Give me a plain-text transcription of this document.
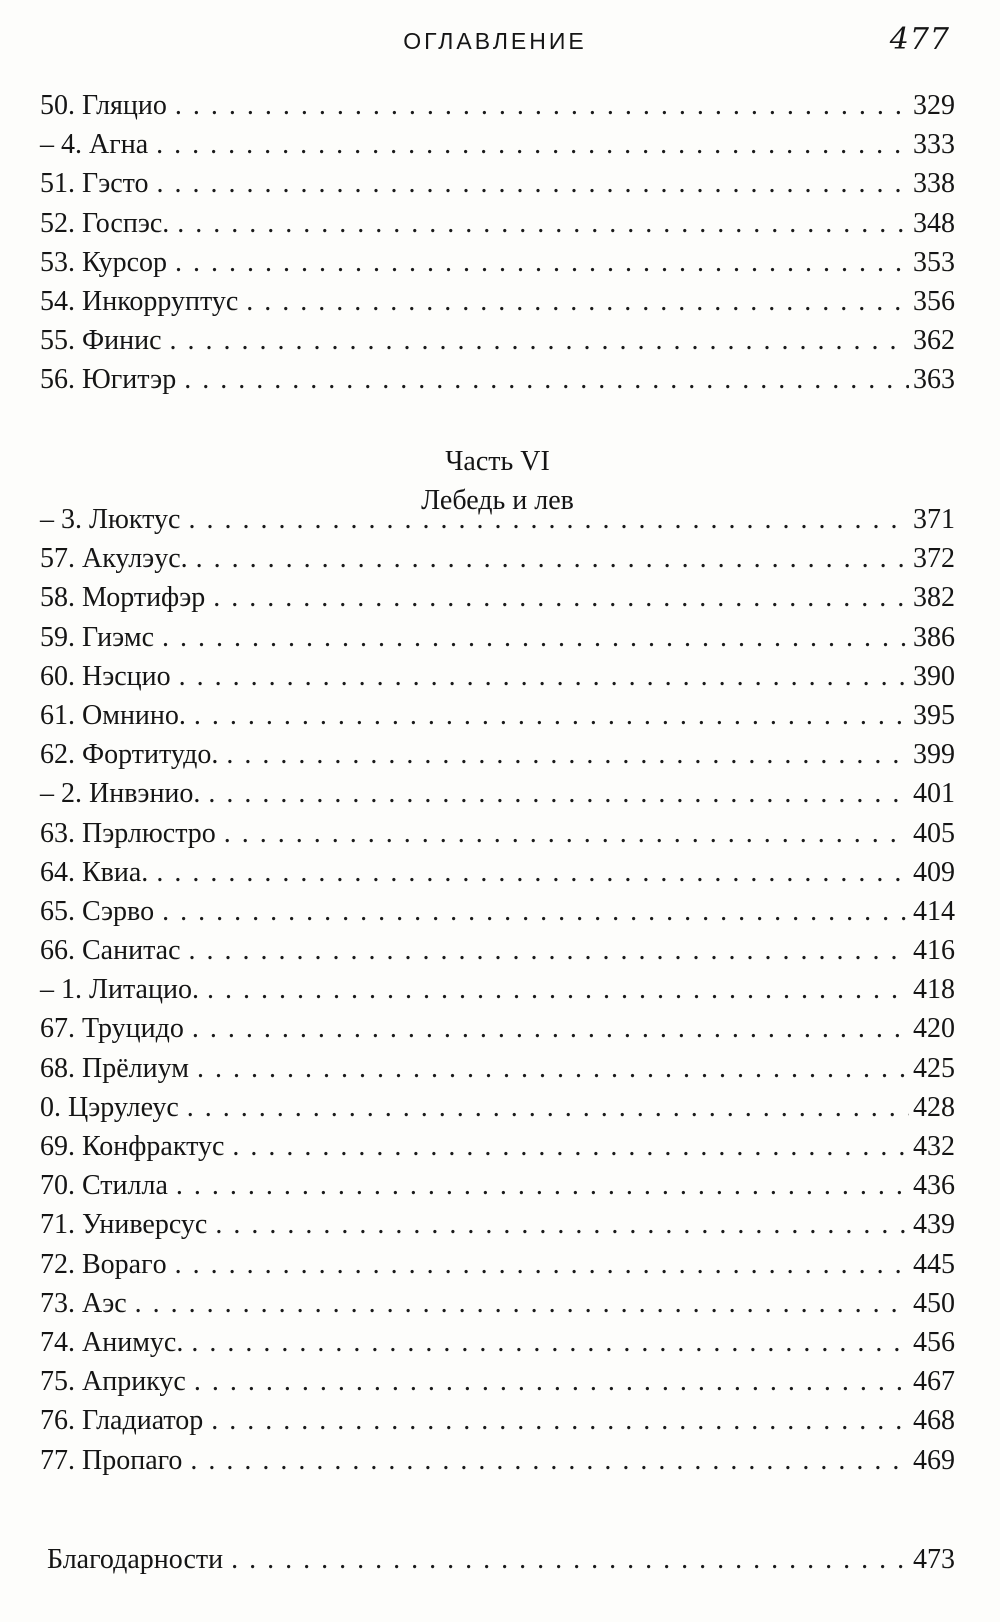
ОГЛАВЛЕНИЕ	477
50. Гляцио . . .	329
– 4. Агна . . .	333
51. Гэсто . . .	338
52. Госпэс. . . .	348
53. Курсор . . .	353
54. Инкорруптус . . .	356
55. Финис . . .	362
56. Югитэр . . .	363
Часть VI
Лебедь и лев
– 3. Люктус . . .	371
57. Акулэус. . . .	372
58. Мортифэр . . .	382
59. Гиэмс . . .	386
60. Нэсцио . . .	390
61. Омнино. . . .	395
62. Фортитудо. . . .	399
– 2. Инвэнио. . . .	401
63. Пэрлюстро . . .	405
64. Квиа. . . .	409
65. Сэрво . . .	414
66. Санитас . . .	416
– 1. Литацио. . . .	418
67. Труцидо . . .	420
68. Прёлиум . . .	425
0. Цэрулеус . . .	428
69. Конфрактус . . .	432
70. Стилла . . .	436
71. Универсус . . .	439
72. Ворагo . . .	445
73. Аэс . . .	450
74. Анимус. . . .	456
75. Априкус . . .	467
76. Гладиатор . . .	468
77. Пропаго . . .	469
Благодарности . . .	473
